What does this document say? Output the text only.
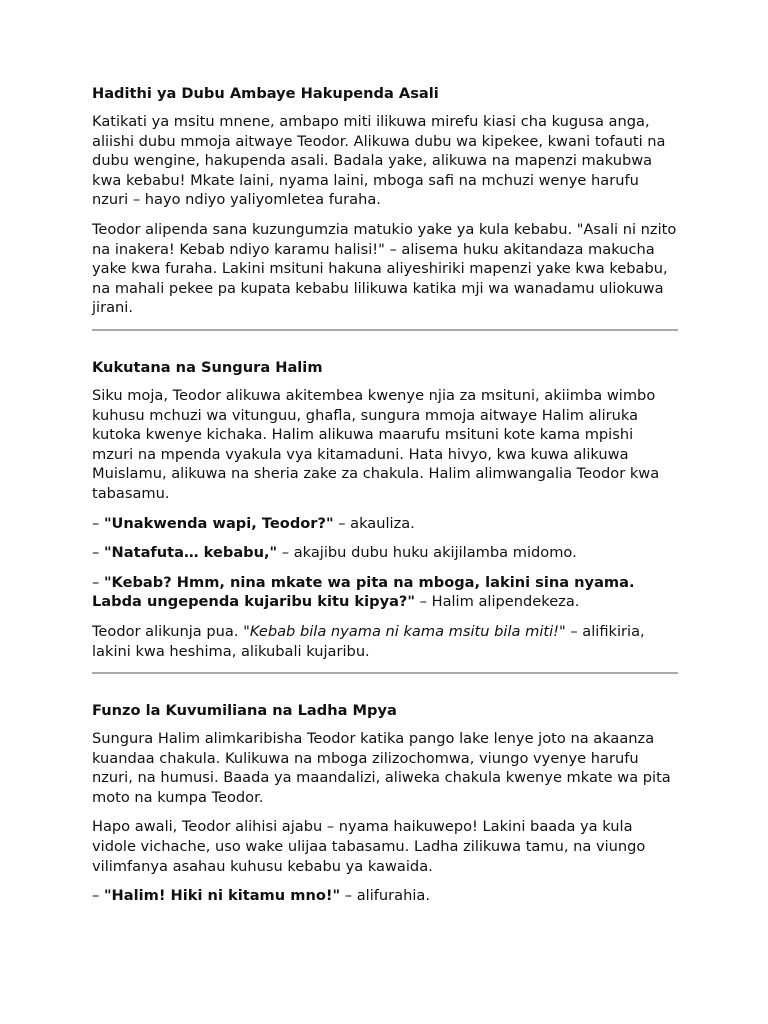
Hadithi ya Dubu Ambaye Hakupenda Asali

Katikati ya msitu mnene, ambapo miti ilikuwa mirefu kiasi cha kugusa anga, aliishi dubu mmoja aitwaye Teodor. Alikuwa dubu wa kipekee, kwani tofauti na dubu wengine, hakupenda asali. Badala yake, alikuwa na mapenzi makubwa kwa kebabu! Mkate laini, nyama laini, mboga safi na mchuzi wenye harufu nzuri – hayo ndiyo yaliyomletea furaha.

Teodor alipenda sana kuzungumzia matukio yake ya kula kebabu. "Asali ni nzito na inakera! Kebab ndiyo karamu halisi!" – alisema huku akitandaza makucha yake kwa furaha. Lakini msituni hakuna aliyeshiriki mapenzi yake kwa kebabu, na mahali pekee pa kupata kebabu lilikuwa katika mji wa wanadamu uliokuwa jirani.

Kukutana na Sungura Halim

Siku moja, Teodor alikuwa akitembea kwenye njia za msituni, akiimba wimbo kuhusu mchuzi wa vitunguu, ghafla, sungura mmoja aitwaye Halim aliruka kutoka kwenye kichaka. Halim alikuwa maarufu msituni kote kama mpishi mzuri na mpenda vyakula vya kitamaduni. Hata hivyo, kwa kuwa alikuwa Muislamu, alikuwa na sheria zake za chakula. Halim alimwangalia Teodor kwa tabasamu.

– "Unakwenda wapi, Teodor?" – akauliza.

– "Natafuta… kebabu," – akajibu dubu huku akijilamba midomo.

– "Kebab? Hmm, nina mkate wa pita na mboga, lakini sina nyama. Labda ungependa kujaribu kitu kipya?" – Halim alipendekeza.

Teodor alikunja pua. "Kebab bila nyama ni kama msitu bila miti!" – alifikiria, lakini kwa heshima, alikubali kujaribu.

Funzo la Kuvumiliana na Ladha Mpya

Sungura Halim alimkaribisha Teodor katika pango lake lenye joto na akaanza kuandaa chakula. Kulikuwa na mboga zilizochomwa, viungo vyenye harufu nzuri, na humusi. Baada ya maandalizi, aliweka chakula kwenye mkate wa pita moto na kumpa Teodor.

Hapo awali, Teodor alihisi ajabu – nyama haikuwepo! Lakini baada ya kula vidole vichache, uso wake ulijaa tabasamu. Ladha zilikuwa tamu, na viungo vilimfanya asahau kuhusu kebabu ya kawaida.

– "Halim! Hiki ni kitamu mno!" – alifurahia.
